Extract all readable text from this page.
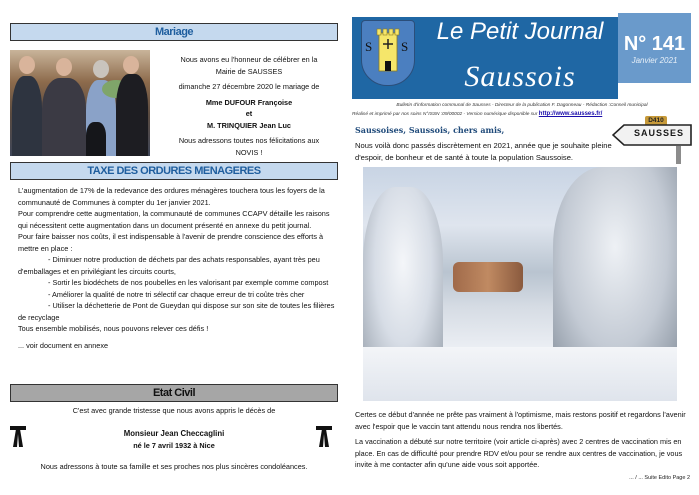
Mariage
Nous avons eu l'honneur de célébrer en la
Mairie de SAUSSES
dimanche 27 décembre 2020 le mariage de
Mme DUFOUR Françoise
et
M. TRINQUIER Jean Luc
Nous adressons toutes nos félicitations aux
NOVIS !
TAXE DES ORDURES MENAGERES
L'augmentation de 17% de la redevance des ordures ménagères touchera tous les foyers de la communauté de Communes à compter du 1er janvier 2021.
Pour comprendre cette augmentation, la communauté de communes CCAPV détaille les raisons qui nécessitent cette augmentation dans un document présenté en annexe du petit journal.
Pour faire baisser nos coûts, il est indispensable à l'avenir de prendre conscience des efforts à mettre en place :
- Diminuer notre production de déchets par des achats responsables, ayant très peu d'emballages et en privilégiant les circuits courts,
- Sortir les biodéchets de nos poubelles en les valorisant par exemple comme compost
- Améliorer la qualité de notre tri sélectif car chaque erreur de tri coûte très cher
- Utiliser la déchetterie de Pont de Gueydan qui dispose sur son site de toutes les filières de recyclage
Tous ensemble mobilisés, nous pouvons relever ces défis !
... voir document en annexe
Etat Civil
C'est avec grande tristesse que nous avons appris le décès de
Monsieur Jean Checcaglini
né le 7 avril 1932 à Nice
Nous adressons à toute sa famille et ses proches nos plus sincères condoléances.
S S
Le Petit Journal
Saussois
N° 141
Janvier 2021
Bulletin d'information communal de Sausses - Directeur de la publication F. Dagonneau - Rédaction :Conseil municipal
Réalisé et imprimé par nos soins N°ISSN :09/00002 - Version numérique disponible sur http://www.sausses.fr/
D410
SAUSSES
Saussoises, Saussois, chers amis,
Nous voilà donc passés discrètement en 2021, année que je souhaite pleine d'espoir, de bonheur et de santé à toute la population Saussoise.
Certes ce début d'année ne prête pas vraiment à l'optimisme, mais restons positif et regardons l'avenir avec l'espoir que le vaccin tant attendu nous rendra nos libertés.
La vaccination a débuté sur notre territoire (voir article ci-après) avec 2 centres de vaccination mis en place. En cas de difficulté pour prendre RDV et/ou pour se rendre aux centres de vaccination, je vous invite à me contacter afin qu'une aide vous soit apportée.
... / ... Suite Edito Page 2
